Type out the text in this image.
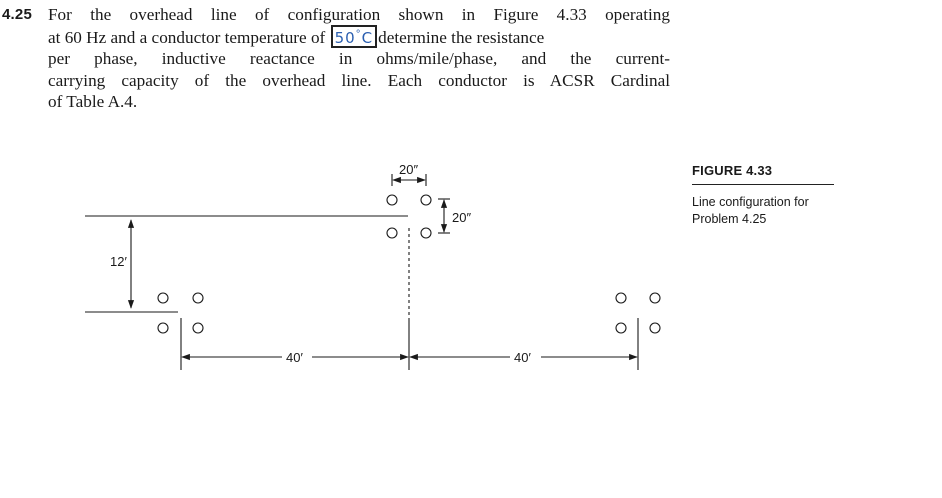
4.25 For the overhead line of configuration shown in Figure 4.33 operating
at 60 Hz and a conductor temperature of 50°C determine the resistance
per phase, inductive reactance in ohms/mile/phase, and the current-
carrying capacity of the overhead line. Each conductor is ACSR Cardinal
of Table A.4.
20″
20″
12′
40′	40′
FIGURE 4.33
Line configuration for
Problem 4.25
